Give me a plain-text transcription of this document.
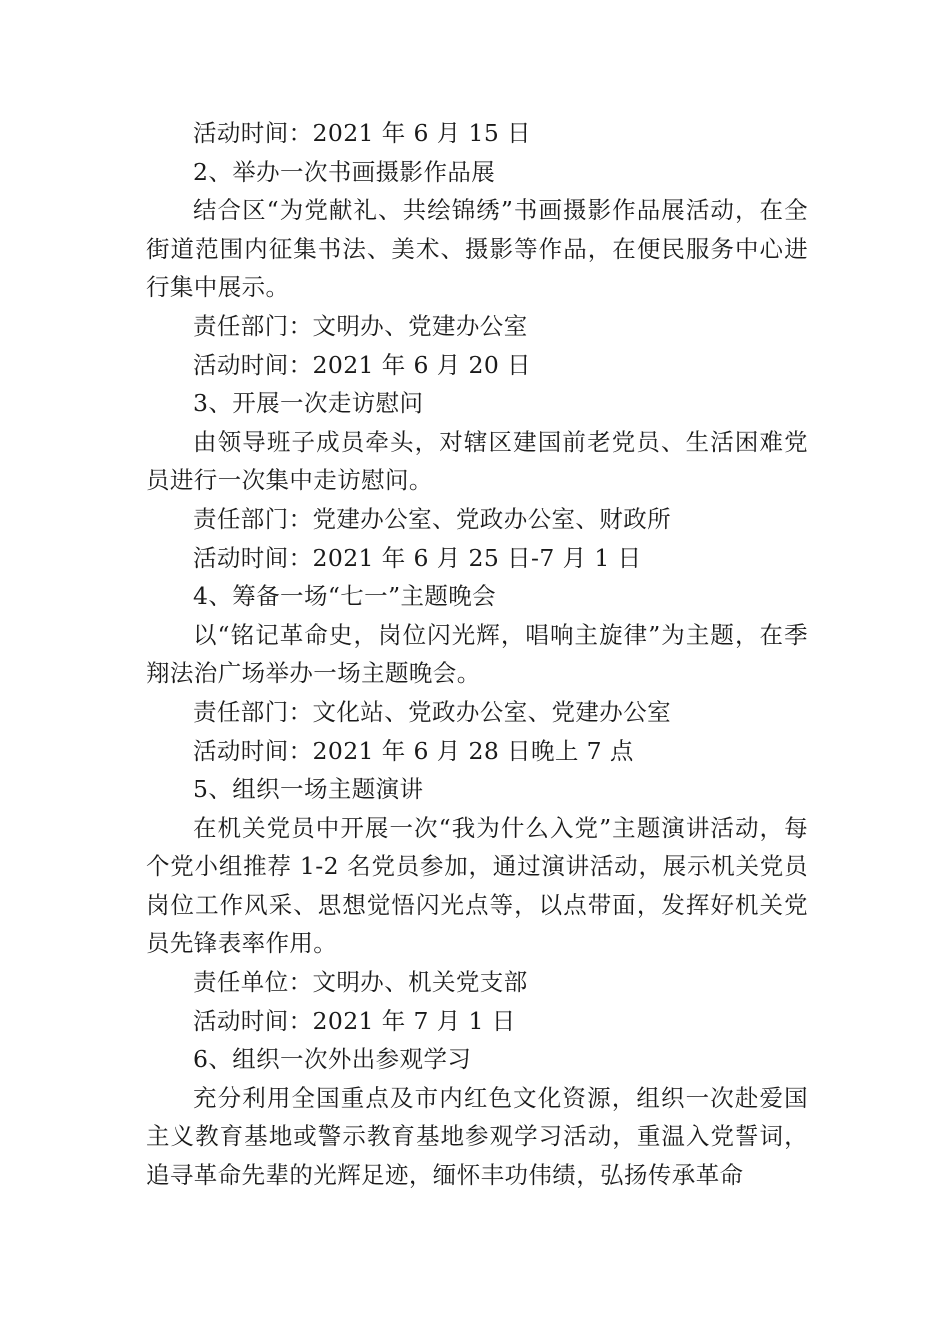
活动时间：2021 年 6 月 15 日

2、举办一次书画摄影作品展

结合区“为党献礼、共绘锦绣”书画摄影作品展活动，在全街道范围内征集书法、美术、摄影等作品，在便民服务中心进行集中展示。

责任部门：文明办、党建办公室

活动时间：2021 年 6 月 20 日

3、开展一次走访慰问

由领导班子成员牵头，对辖区建国前老党员、生活困难党员进行一次集中走访慰问。

责任部门：党建办公室、党政办公室、财政所

活动时间：2021 年 6 月 25 日-7 月 1 日

4、筹备一场“七一”主题晚会

以“铭记革命史，岗位闪光辉，唱响主旋律”为主题，在季翔法治广场举办一场主题晚会。

责任部门：文化站、党政办公室、党建办公室

活动时间：2021 年 6 月 28 日晚上 7 点

5、组织一场主题演讲

在机关党员中开展一次“我为什么入党”主题演讲活动，每个党小组推荐 1-2 名党员参加，通过演讲活动，展示机关党员岗位工作风采、思想觉悟闪光点等，以点带面，发挥好机关党员先锋表率作用。

责任单位：文明办、机关党支部

活动时间：2021 年 7 月 1 日

6、组织一次外出参观学习

充分利用全国重点及市内红色文化资源，组织一次赴爱国主义教育基地或警示教育基地参观学习活动，重温入党誓词，追寻革命先辈的光辉足迹，缅怀丰功伟绩，弘扬传承革命
